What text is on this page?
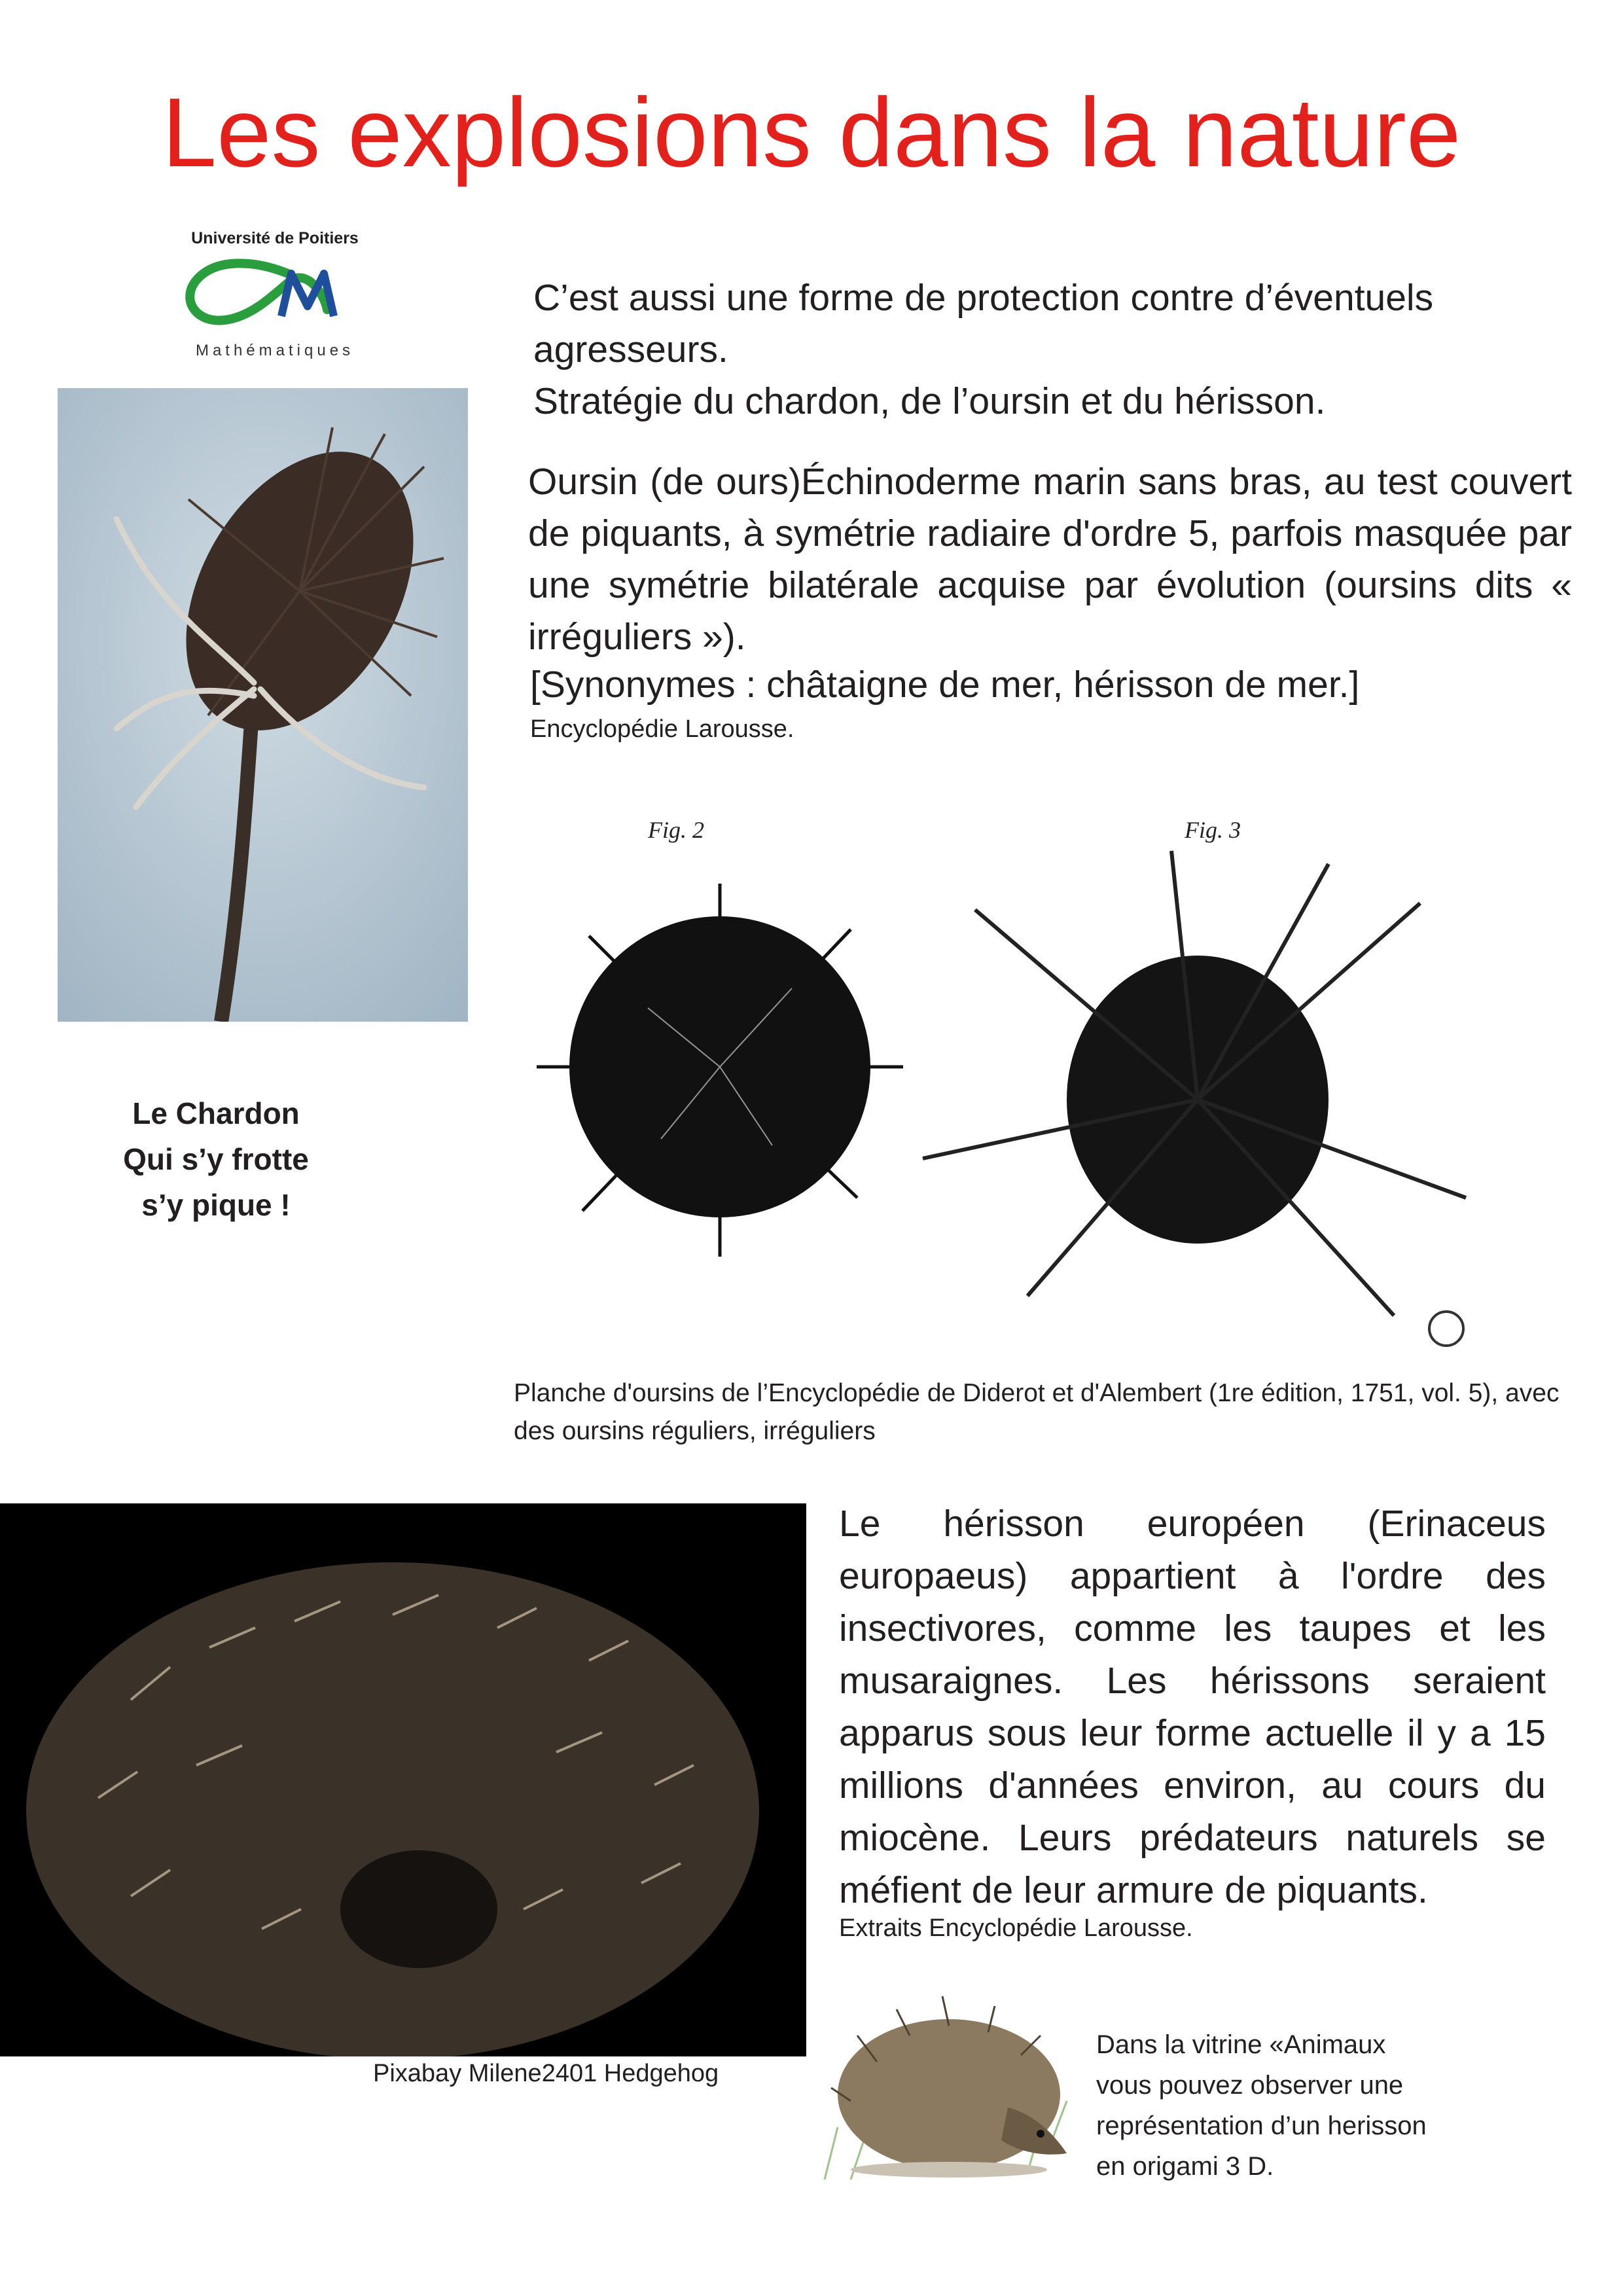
Les explosions dans la nature
Université de Poitiers
Mathématiques

C’est aussi une forme de protection contre d’éventuels agresseurs.

Stratégie du chardon, de l’oursin et du hérisson.

Oursin (de ours)Échinoderme marin sans bras, au test couvert de piquants, à symétrie radiaire d'ordre 5, parfois masquée par une symétrie bilatérale acquise par évolution (oursins dits « irréguliers »).

[Synonymes : châtaigne de mer, hérisson de mer.]
Encyclopédie Larousse.
Le Chardon
Qui s’y frotte
s’y pique !
Fig. 2	Fig. 3
Planche d'oursins de l’Encyclopédie de Diderot et d'Alembert (1re édition, 1751, vol. 5), avec des oursins réguliers, irréguliers

Le hérisson européen (Erinaceus europaeus) appartient à l'ordre des insectivores, comme les taupes et les musaraignes. Les hérissons seraient apparus sous leur forme actuelle il y a 15 millions d'années environ, au cours du miocène. Leurs prédateurs naturels se méfient de leur armure de piquants.

Extraits Encyclopédie Larousse.
Pixabay Milene2401 Hedgehog
Dans la vitrine «Animaux
vous pouvez observer une
représentation d’un herisson
en origami 3 D.
